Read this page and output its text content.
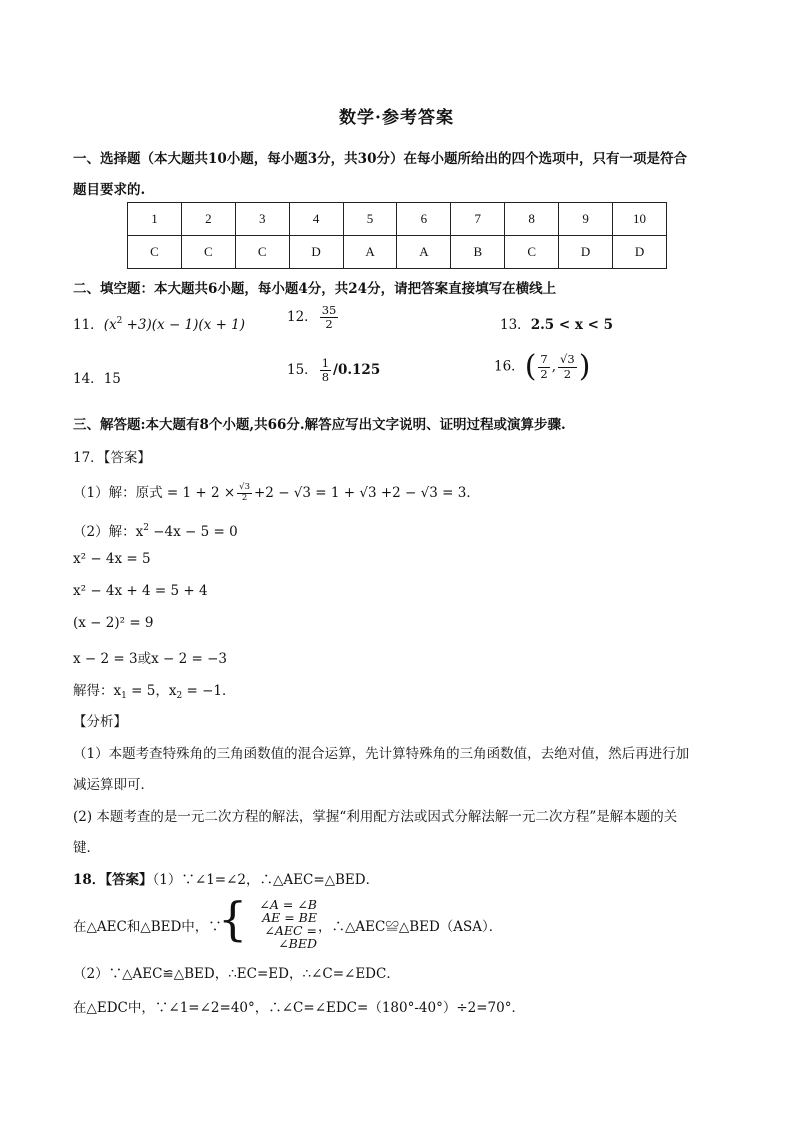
数学·参考答案
一、选择题（本大题共10小题，每小题3分，共30分）在每小题所给出的四个选项中，只有一项是符合
题目要求的.
1	2	3	4	5	6	7	8	9	10
C	C	C	D	A	A	B	C	D	D
二、填空题：本大题共6小题，每小题4分，共24分，请把答案直接填写在横线上
11．$(x^2 +3)(x - 1)(x + 1)$	12． $\frac{35}{2}$	13．2.5 < x < 5
14．15
15． $\frac{1}{8} /0.125$	16．( $\frac{7}{2}$ , $\frac{√3}{2}$ )
三、解答题:本大题有8个小题,共66分.解答应写出文字说明、证明过程或演算步骤.
17．【答案】
（1）解：原式 = $1 + 2 \times \frac{√3}{2} +2 - √3 = 1 + √3 +2 - √3 = 3$．
（2）解：$x^2 -4x - 5 = 0$
x² − 4x = 5
x² − 4x + 4 = 5 + 4
(x − 2)² = 9
x − 2 = 3或x − 2 = −3
解得：$x_1 = 5$，$x_2 = -1$．
【分析】
（1）本题考查特殊角的三角函数值的混合运算，先计算特殊角的三角函数值，去绝对值，然后再进行加
减运算即可．
(2) 本题考查的是一元二次方程的解法，掌握“利用配方法或因式分解法解一元二次方程”是解本题的关
键．
18．【答案】（1）∵∠1=∠2，∴△AEC=△BED．
在△AEC和△BED中，∵
{ ∠A = ∠B
AE = BE
∠AEC = ∠BED
，∴△AEC≌△BED（ASA）．
（2）∵△AEC≌△BED，∴EC=ED，∴∠C=∠EDC．
在△EDC中，∵∠1=∠2=40°，∴∠C=∠EDC=（180°-40°）÷2=70°．
